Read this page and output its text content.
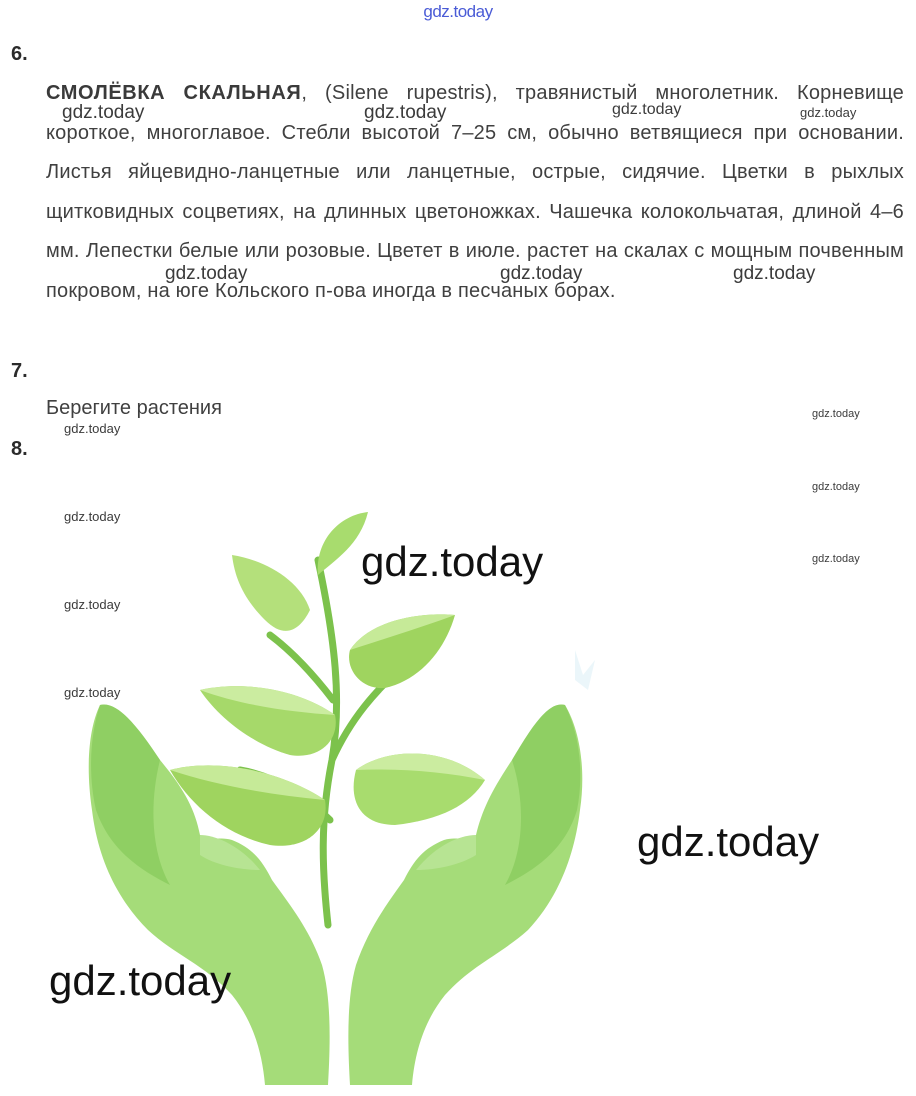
gdz.today
6.
СМОЛЁВКА СКАЛЬНАЯ, (Silene rupestris), травянистый многолетник. Корневище короткое, многоглавое. Стебли высотой 7–25 см, обычно ветвящиеся при основании. Листья яйцевидно-ланцетные или ланцетные, острые, сидячие. Цветки в рыхлых щитковидных соцветиях, на длинных цветоножках. Чашечка колокольчатая, длиной 4–6 мм. Лепестки белые или розовые. Цветет в июле. растет на скалах с мощным почвенным покровом, на юге Кольского п-ова иногда в песчаных борах.
7.
Берегите растения
8.
gdz.today	gdz.today	gdz.today	gdz.today
gdz.today	gdz.today	gdz.today
gdz.today
gdz.today
gdz.today
gdz.today
gdz.today
gdz.today
gdz.today
gdz.today
gdz.today
gdz.today
